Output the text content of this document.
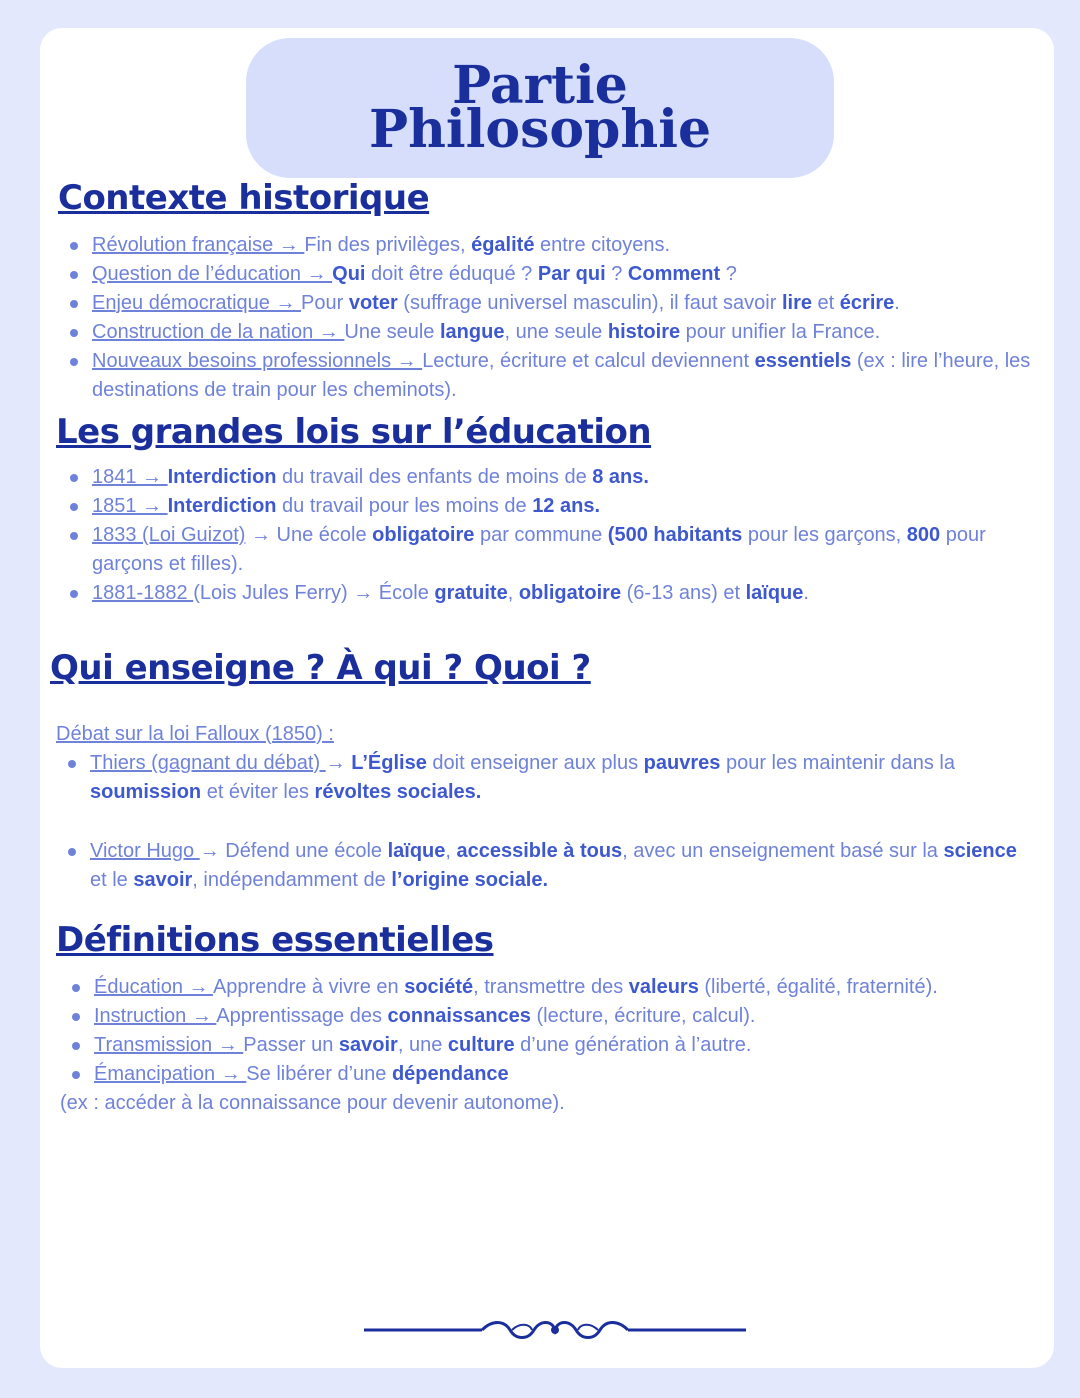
Partie
Philosophie
Contexte historique
Révolution française → Fin des privilèges, égalité entre citoyens.
Question de l’éducation → Qui doit être éduqué ? Par qui ? Comment ?
Enjeu démocratique → Pour voter (suffrage universel masculin), il faut savoir lire et écrire.
Construction de la nation → Une seule langue, une seule histoire pour unifier la France.
Nouveaux besoins professionnels → Lecture, écriture et calcul deviennent essentiels (ex : lire l’heure, les destinations de train pour les cheminots).
Les grandes lois sur l’éducation
1841 → Interdiction du travail des enfants de moins de 8 ans.
1851 → Interdiction du travail pour les moins de 12 ans.
1833 (Loi Guizot) → Une école obligatoire par commune (500 habitants pour les garçons, 800 pour garçons et filles).
1881-1882 (Lois Jules Ferry) → École gratuite, obligatoire (6-13 ans) et laïque.
Qui enseigne ? À qui ? Quoi ?
Débat sur la loi Falloux (1850) :
Thiers (gagnant du débat) → L’Église doit enseigner aux plus pauvres pour les maintenir dans la soumission et éviter les révoltes sociales.
Victor Hugo → Défend une école laïque, accessible à tous, avec un enseignement basé sur la science et le savoir, indépendamment de l’origine sociale.
Définitions essentielles
Éducation → Apprendre à vivre en société, transmettre des valeurs (liberté, égalité, fraternité).
Instruction → Apprentissage des connaissances (lecture, écriture, calcul).
Transmission → Passer un savoir, une culture d’une génération à l’autre.
Émancipation → Se libérer d’une dépendance
(ex : accéder à la connaissance pour devenir autonome).
